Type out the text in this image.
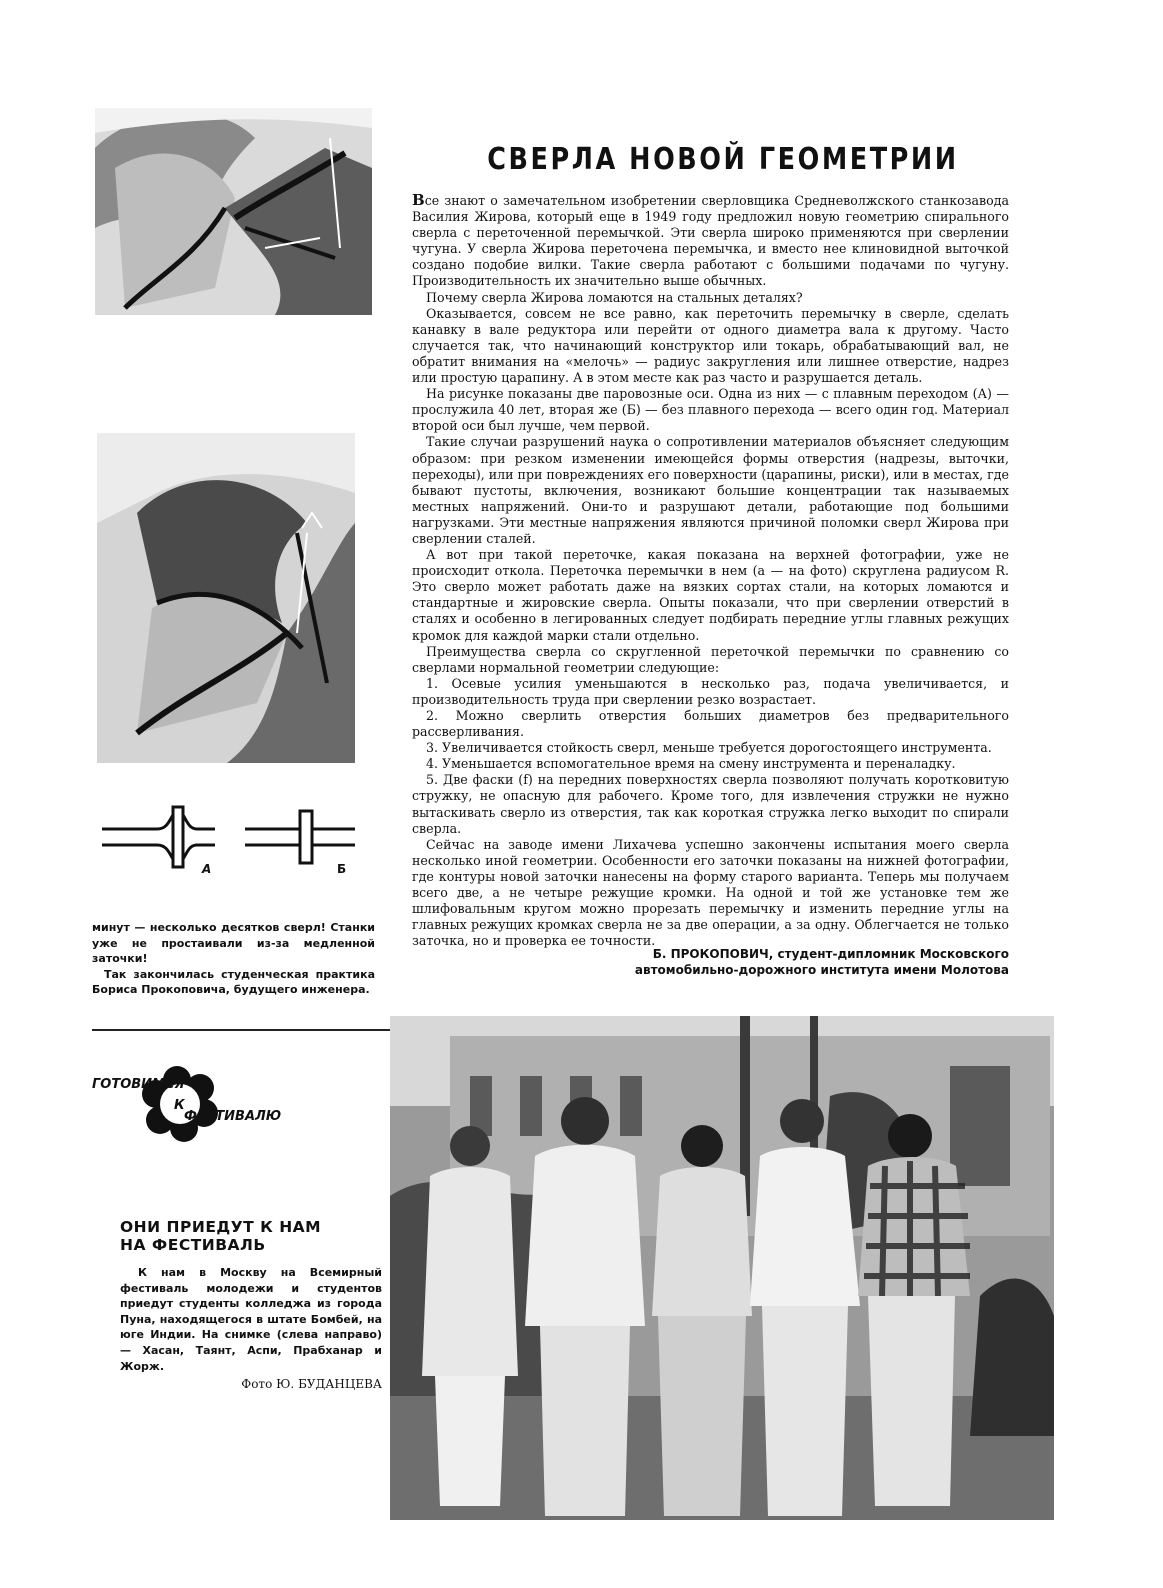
А	Б
СВЕРЛА НОВОЙ ГЕОМЕТРИИ

Все знают о замечательном изобретении сверловщика Средневолжского станкозавода Василия Жирова, который еще в 1949 году предложил новую геометрию спирального сверла с переточенной перемычкой. Эти сверла широко применяются при сверлении чугуна. У сверла Жирова переточена перемычка, и вместо нее клиновидной выточкой создано подобие вилки. Такие сверла работают с большими подачами по чугуну. Производительность их значительно выше обычных.

Почему сверла Жирова ломаются на стальных деталях?

Оказывается, совсем не все равно, как переточить перемычку в сверле, сделать канавку в вале редуктора или перейти от одного диаметра вала к другому. Часто случается так, что начинающий конструктор или токарь, обрабатывающий вал, не обратит внимания на «мелочь» — радиус закругления или лишнее отверстие, надрез или простую царапину. А в этом месте как раз часто и разрушается деталь.

На рисунке показаны две паровозные оси. Одна из них — с плавным переходом (А) — прослужила 40 лет, вторая же (Б) — без плавного перехода — всего один год. Материал второй оси был лучше, чем первой.

Такие случаи разрушений наука о сопротивлении материалов объясняет следующим образом: при резком изменении имеющейся формы отверстия (надрезы, выточки, переходы), или при повреждениях его поверхности (царапины, риски), или в местах, где бывают пустоты, включения, возникают большие концентрации так называемых местных напряжений. Они-то и разрушают детали, работающие под большими нагрузками. Эти местные напряжения являются причиной поломки сверл Жирова при сверлении сталей.

А вот при такой переточке, какая показана на верхней фотографии, уже не происходит откола. Переточка перемычки в нем (а — на фото) скруглена радиусом R. Это сверло может работать даже на вязких сортах стали, на которых ломаются и стандартные и жировские сверла. Опыты показали, что при сверлении отверстий в сталях и особенно в легированных следует подбирать передние углы главных режущих кромок для каждой марки стали отдельно.

Преимущества сверла со скругленной переточкой перемычки по сравнению со сверлами нормальной геометрии следующие:

1. Осевые усилия уменьшаются в несколько раз, подача увеличивается, и производительность труда при сверлении резко возрастает.

2. Можно сверлить отверстия больших диаметров без предварительного рассверливания.

3. Увеличивается стойкость сверл, меньше требуется дорогостоящего инструмента.

4. Уменьшается вспомогательное время на смену инструмента и переналадку.

5. Две фаски (f) на передних поверхностях сверла позволяют получать коротковитую стружку, не опасную для рабочего. Кроме того, для извлечения стружки не нужно вытаскивать сверло из отверстия, так как короткая стружка легко выходит по спирали сверла.

Сейчас на заводе имени Лихачева успешно закончены испытания моего сверла несколько иной геометрии. Особенности его заточки показаны на нижней фотографии, где контуры новой заточки нанесены на форму старого варианта. Теперь мы получаем всего две, а не четыре режущие кромки. На одной и той же установке тем же шлифовальным кругом можно прорезать перемычку и изменить передние углы на главных режущих кромках сверла не за две операции, а за одну. Облегчается не только заточка, но и проверка ее точности.

Б. ПРОКОПОВИЧ, студент-дипломник Московского
автомобильно-дорожного института имени Молотова

минут — несколько десятков сверл! Станки уже не простаивали из-за медленной заточки!

Так закончилась студенческая практика Бориса Прокоповича, будущего инженера.

ГОТОВИМСЯ
К
ФЕСТИВАЛЮ
ОНИ ПРИЕДУТ К НАМ
НА ФЕСТИВАЛЬ

К нам в Москву на Всемирный фестиваль молодежи и студентов приедут студенты колледжа из города Пуна, находящегося в штате Бомбей, на юге Индии. На снимке (слева направо) — Хасан, Таянт, Аспи, Прабханар и Жорж.

Фото Ю. БУДАНЦЕВА
